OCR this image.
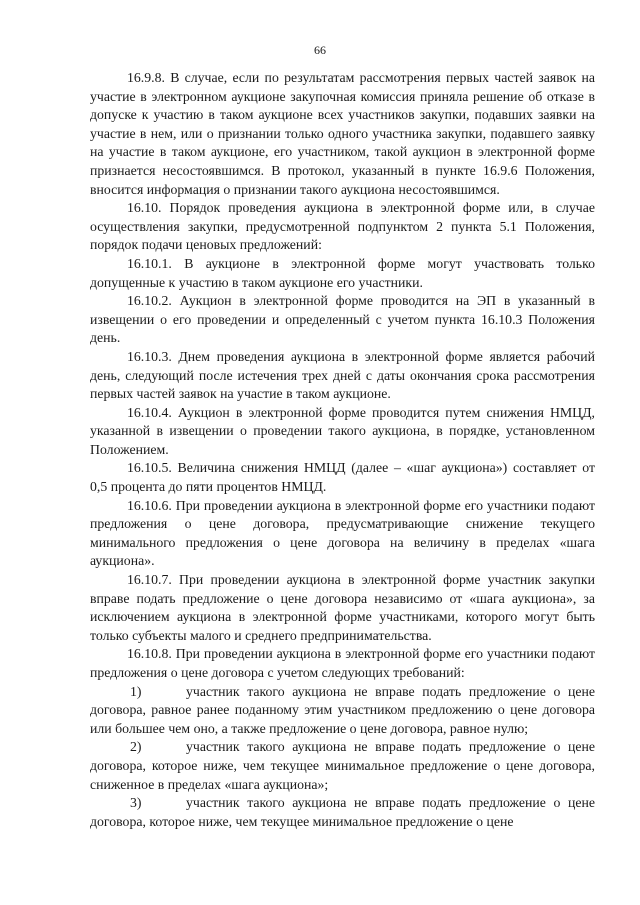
66

16.9.8. В случае, если по результатам рассмотрения первых частей заявок на участие в электронном аукционе закупочная комиссия приняла решение об отказе в допуске к участию в таком аукционе всех участников закупки, подавших заявки на участие в нем, или о признании только одного участника закупки, подавшего заявку на участие в таком аукционе, его участником, такой аукцион в электронной форме признается несостоявшимся. В протокол, указанный в пункте 16.9.6 Положения, вносится информация о признании такого аукциона несостоявшимся.

16.10. Порядок проведения аукциона в электронной форме или, в случае осуществления закупки, предусмотренной подпунктом 2 пункта 5.1 Положения, порядок подачи ценовых предложений:

16.10.1. В аукционе в электронной форме могут участвовать только допущенные к участию в таком аукционе его участники.

16.10.2. Аукцион в электронной форме проводится на ЭП в указанный в извещении о его проведении и определенный с учетом пункта 16.10.3 Положения день.

16.10.3. Днем проведения аукциона в электронной форме является рабочий день, следующий после истечения трех дней с даты окончания срока рассмотрения первых частей заявок на участие в таком аукционе.

16.10.4. Аукцион в электронной форме проводится путем снижения НМЦД, указанной в извещении о проведении такого аукциона, в порядке, установленном Положением.

16.10.5. Величина снижения НМЦД (далее – «шаг аукциона») составляет от 0,5 процента до пяти процентов НМЦД.

16.10.6. При проведении аукциона в электронной форме его участники подают предложения о цене договора, предусматривающие снижение текущего минимального предложения о цене договора на величину в пределах «шага аукциона».

16.10.7. При проведении аукциона в электронной форме участник закупки вправе подать предложение о цене договора независимо от «шага аукциона», за исключением аукциона в электронной форме участниками, которого могут быть только субъекты малого и среднего предпринимательства.

16.10.8. При проведении аукциона в электронной форме его участники подают предложения о цене договора с учетом следующих требований:

1)	участник такого аукциона не вправе подать предложение о цене договора, равное ранее поданному этим участником предложению о цене договора или большее чем оно, а также предложение о цене договора, равное нулю;

2)	участник такого аукциона не вправе подать предложение о цене договора, которое ниже, чем текущее минимальное предложение о цене договора, сниженное в пределах «шага аукциона»;

3)	участник такого аукциона не вправе подать предложение о цене договора, которое ниже, чем текущее минимальное предложение о цене
